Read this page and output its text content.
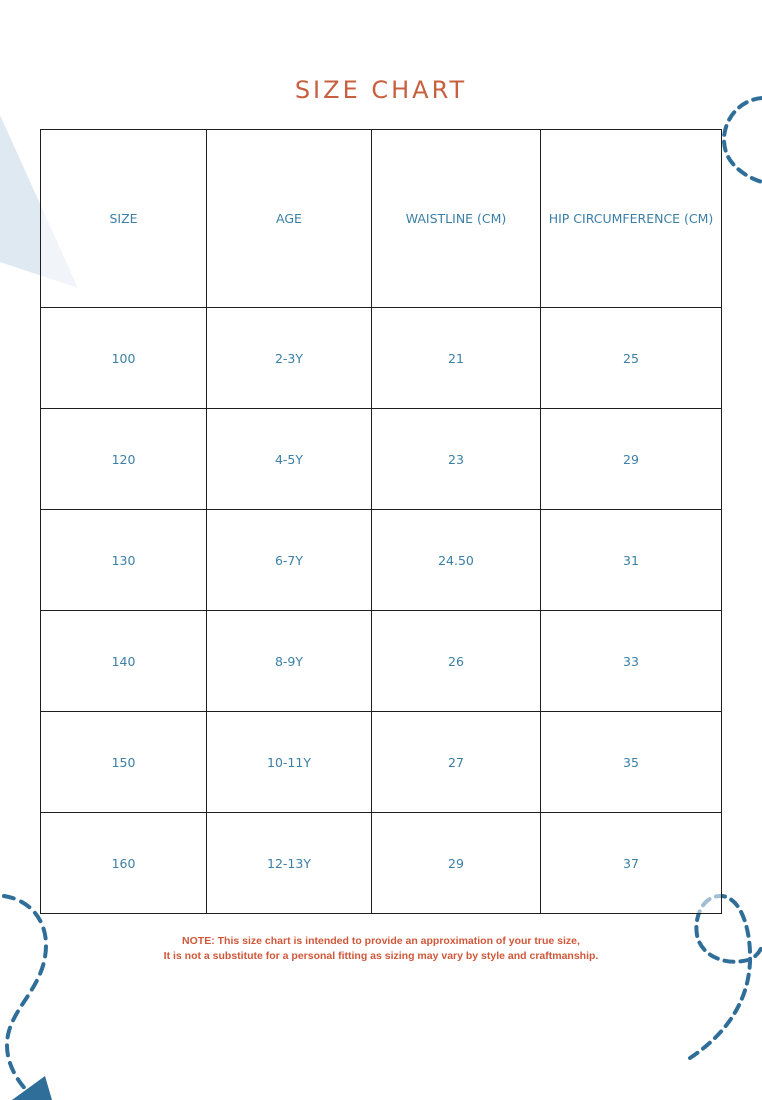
SIZE CHART
SIZE	AGE	WAISTLINE (CM)	HIP CIRCUMFERENCE (CM)
100	2-3Y	21	25
120	4-5Y	23	29
130	6-7Y	24.50	31
140	8-9Y	26	33
150	10-11Y	27	35
160	12-13Y	29	37
NOTE: This size chart is intended to provide an approximation of your true size,
It is not a substitute for a personal fitting as sizing may vary by style and craftmanship.
